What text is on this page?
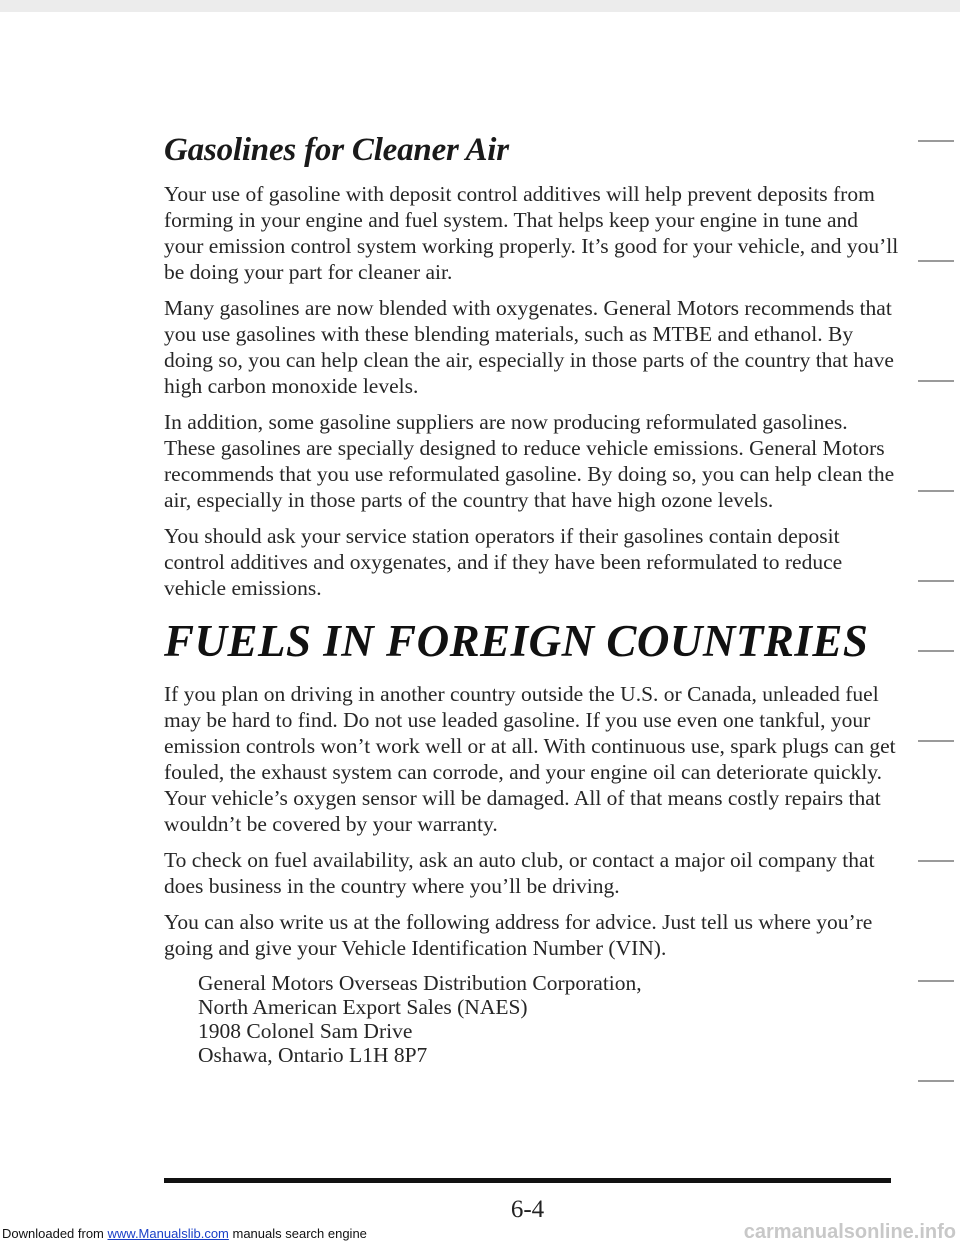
Gasolines for Cleaner Air

Your use of gasoline with deposit control additives will help prevent deposits from forming in your engine and fuel system. That helps keep your engine in tune and your emission control system working properly. It’s good for your vehicle, and you’ll be doing your part for cleaner air.

Many gasolines are now blended with oxygenates. General Motors recommends that you use gasolines with these blending materials, such as MTBE and ethanol. By doing so, you can help clean the air, especially in those parts of the country that have high carbon monoxide levels.

In addition, some gasoline suppliers are now producing reformulated gasolines. These gasolines are specially designed to reduce vehicle emissions. General Motors recommends that you use reformulated gasoline. By doing so, you can help clean the air, especially in those parts of the country that have high ozone levels.

You should ask your service station operators if their gasolines contain deposit control additives and oxygenates, and if they have been reformulated to reduce vehicle emissions.

FUELS IN FOREIGN COUNTRIES

If you plan on driving in another country outside the U.S. or Canada, unleaded fuel may be hard to find. Do not use leaded gasoline. If you use even one tankful, your emission controls won’t work well or at all. With continuous use, spark plugs can get fouled, the exhaust system can corrode, and your engine oil can deteriorate quickly. Your vehicle’s oxygen sensor will be damaged. All of that means costly repairs that wouldn’t be covered by your warranty.

To check on fuel availability, ask an auto club, or contact a major oil company that does business in the country where you’ll be driving.

You can also write us at the following address for advice. Just tell us where you’re going and give your Vehicle Identification Number (VIN).

General Motors Overseas Distribution Corporation,
North American Export Sales (NAES)
1908 Colonel Sam Drive
Oshawa, Ontario L1H 8P7
6-4
Downloaded from www.Manualslib.com manuals search engine	carmanualsonline.info
